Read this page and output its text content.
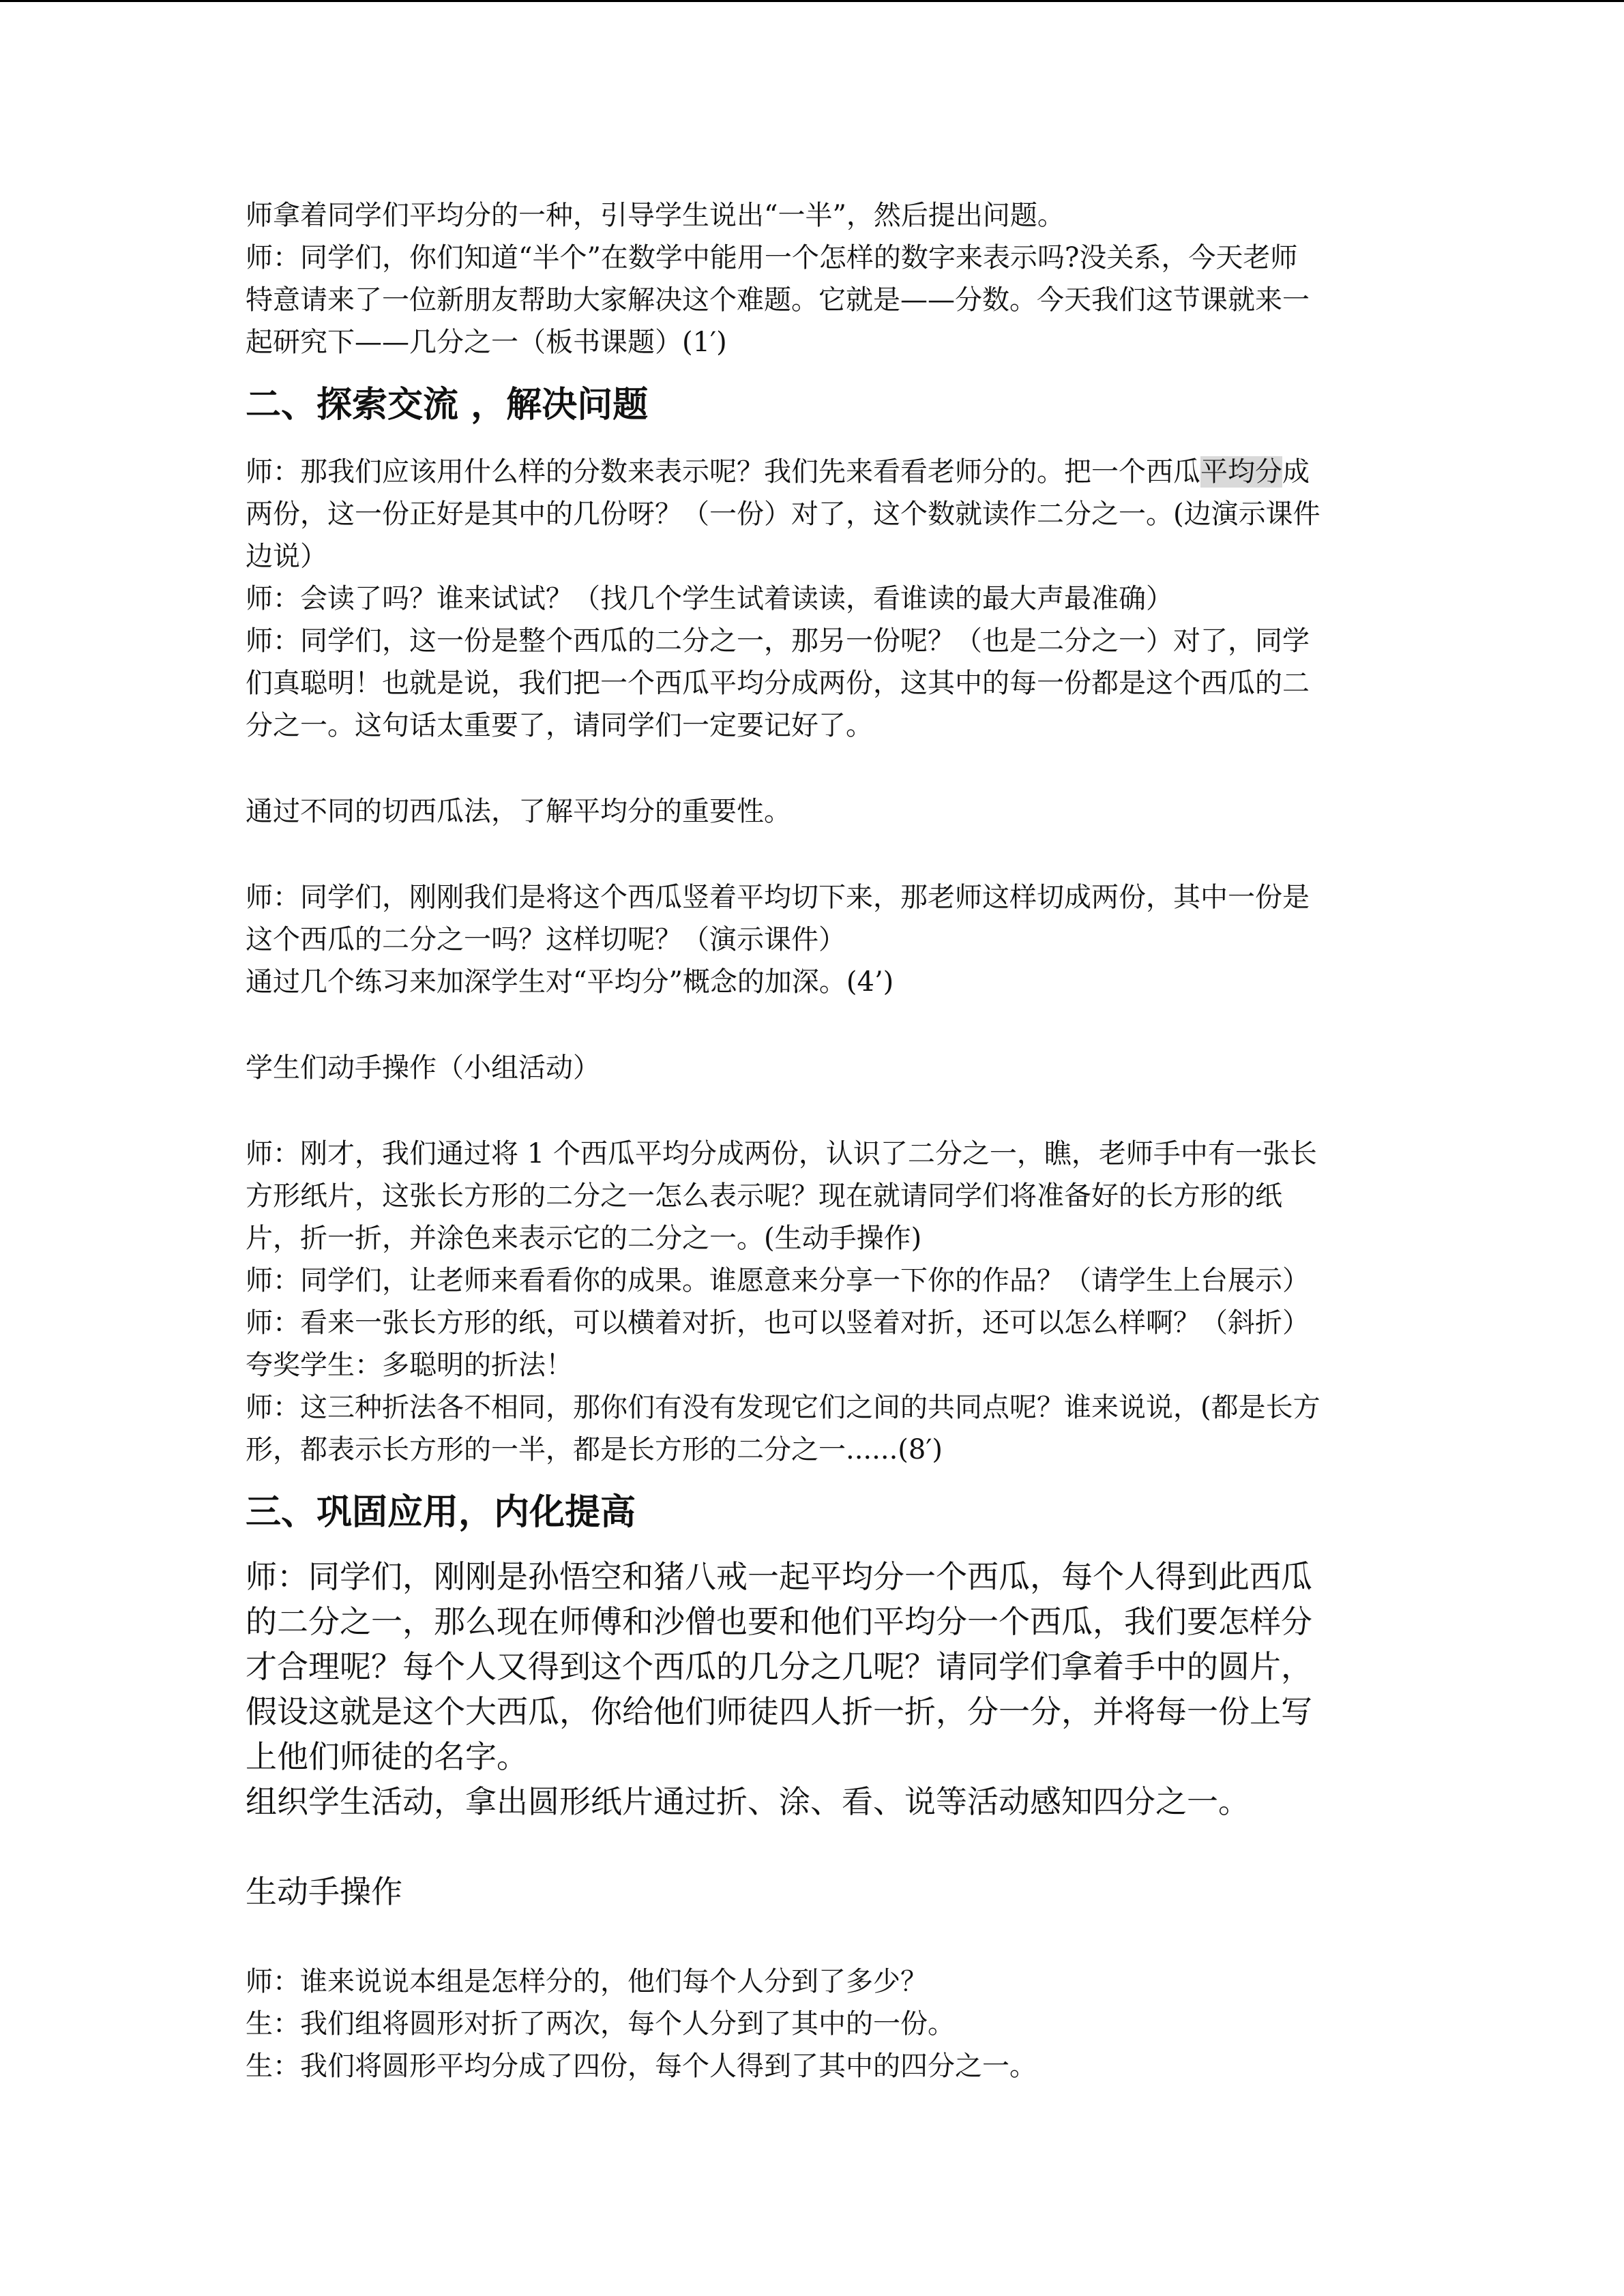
师拿着同学们平均分的一种，引导学生说出“一半”，然后提出问题。

师：同学们，你们知道“半个”在数学中能用一个怎样的数字来表示吗?没关系，今天老师

特意请来了一位新朋友帮助大家解决这个难题。它就是——分数。今天我们这节课就来一

起研究下——几分之一（板书课题）(1′)

二、探索交流 ，解决问题

师：那我们应该用什么样的分数来表示呢？我们先来看看老师分的。把一个西瓜平均分成

两份，这一份正好是其中的几份呀？（一份）对了，这个数就读作二分之一。(边演示课件

边说）

师：会读了吗？谁来试试？（找几个学生试着读读，看谁读的最大声最准确）

师：同学们，这一份是整个西瓜的二分之一，那另一份呢？（也是二分之一）对了，同学

们真聪明！也就是说，我们把一个西瓜平均分成两份，这其中的每一份都是这个西瓜的二

分之一。这句话太重要了，请同学们一定要记好了。

通过不同的切西瓜法，了解平均分的重要性。

师：同学们，刚刚我们是将这个西瓜竖着平均切下来，那老师这样切成两份，其中一份是

这个西瓜的二分之一吗？这样切呢？（演示课件）

通过几个练习来加深学生对“平均分”概念的加深。(4’)

学生们动手操作（小组活动）

师：刚才，我们通过将 1 个西瓜平均分成两份，认识了二分之一，瞧，老师手中有一张长

方形纸片，这张长方形的二分之一怎么表示呢？现在就请同学们将准备好的长方形的纸

片，折一折，并涂色来表示它的二分之一。(生动手操作)

师：同学们，让老师来看看你的成果。谁愿意来分享一下你的作品？（请学生上台展示）

师：看来一张长方形的纸，可以横着对折，也可以竖着对折，还可以怎么样啊？（斜折）

夸奖学生：多聪明的折法！

师：这三种折法各不相同，那你们有没有发现它们之间的共同点呢？谁来说说，(都是长方

形，都表示长方形的一半，都是长方形的二分之一......(8′)

三、巩固应用，内化提高

师：同学们，刚刚是孙悟空和猪八戒一起平均分一个西瓜，每个人得到此西瓜

的二分之一，那么现在师傅和沙僧也要和他们平均分一个西瓜，我们要怎样分

才合理呢？每个人又得到这个西瓜的几分之几呢？请同学们拿着手中的圆片，

假设这就是这个大西瓜，你给他们师徒四人折一折，分一分，并将每一份上写

上他们师徒的名字。

组织学生活动，拿出圆形纸片通过折、涂、看、说等活动感知四分之一。

生动手操作

师：谁来说说本组是怎样分的，他们每个人分到了多少？

生：我们组将圆形对折了两次，每个人分到了其中的一份。

生：我们将圆形平均分成了四份，每个人得到了其中的四分之一。
